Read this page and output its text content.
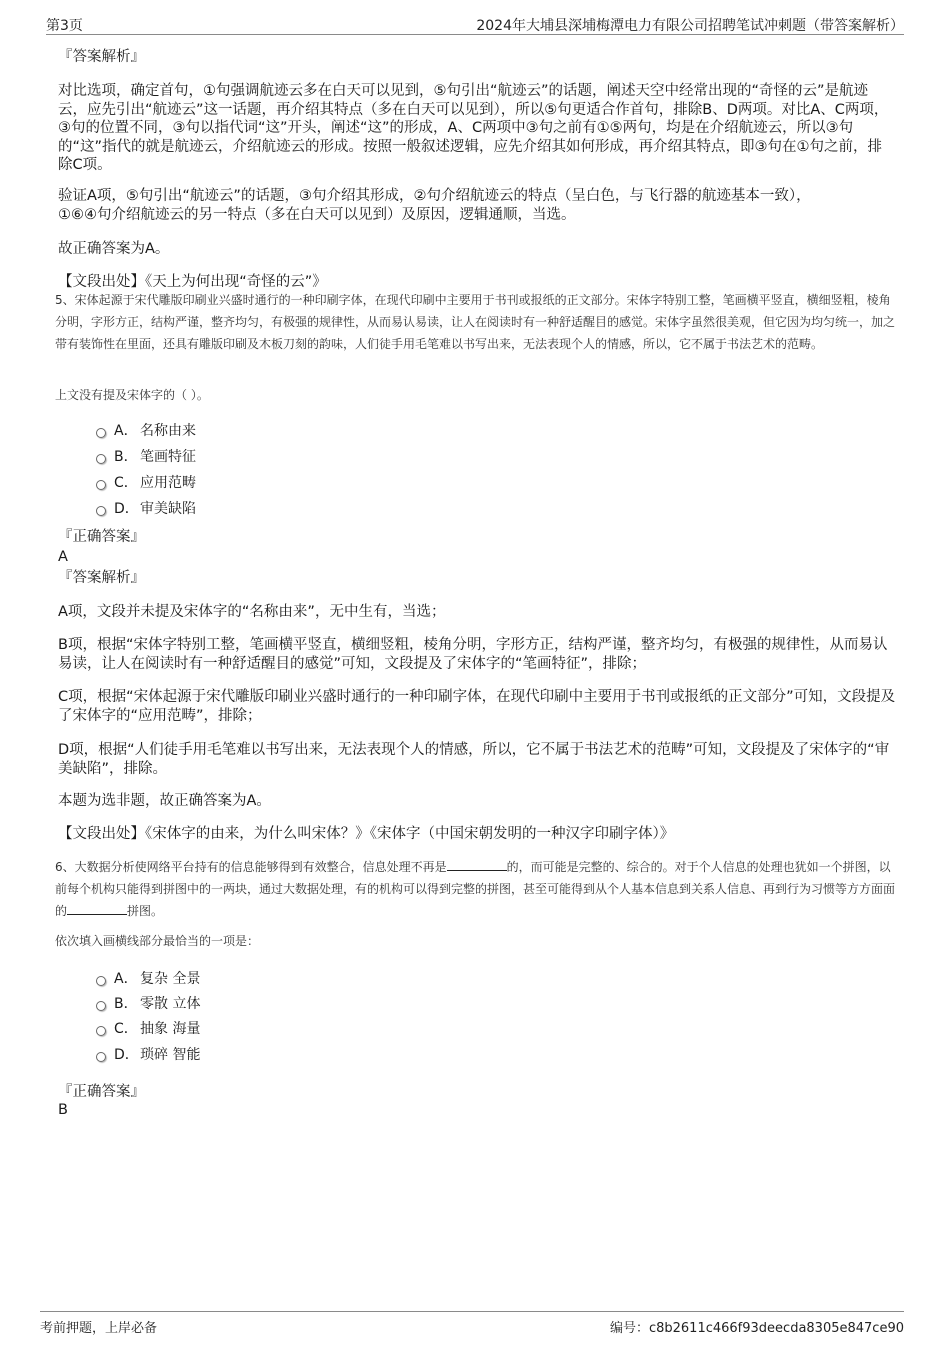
第3页	2024年大埔县深埔梅潭电力有限公司招聘笔试冲刺题（带答案解析）
『答案解析』
对比选项，确定首句，①句强调航迹云多在白天可以见到，⑤句引出“航迹云”的话题，阐述天空中经常出现的“奇怪的云”是航迹云，应先引出“航迹云”这一话题，再介绍其特点（多在白天可以见到），所以⑤句更适合作首句，排除B、D两项。对比A、C两项，③句的位置不同，③句以指代词“这”开头，阐述“这”的形成，A、C两项中③句之前有①⑤两句，均是在介绍航迹云，所以③句的“这”指代的就是航迹云，介绍航迹云的形成。按照一般叙述逻辑，应先介绍其如何形成，再介绍其特点，即③句在①句之前，排除C项。
验证A项，⑤句引出“航迹云”的话题，③句介绍其形成，②句介绍航迹云的特点（呈白色，与飞行器的航迹基本一致），①⑥④句介绍航迹云的另一特点（多在白天可以见到）及原因，逻辑通顺，当选。
故正确答案为A。
【文段出处】《天上为何出现“奇怪的云”》
5、宋体起源于宋代雕版印刷业兴盛时通行的一种印刷字体，在现代印刷中主要用于书刊或报纸的正文部分。宋体字特别工整，笔画横平竖直，横细竖粗，棱角分明，字形方正，结构严谨，整齐均匀，有极强的规律性，从而易认易读，让人在阅读时有一种舒适醒目的感觉。宋体字虽然很美观，但它因为均匀统一，加之带有装饰性在里面，还具有雕版印刷及木板刀刻的韵味，人们徒手用毛笔难以书写出来，无法表现个人的情感，所以，它不属于书法艺术的范畴。
上文没有提及宋体字的（ ）。
A． 名称由来
B． 笔画特征
C． 应用范畴
D． 审美缺陷
『正确答案』
A
『答案解析』
A项，文段并未提及宋体字的“名称由来”，无中生有，当选；
B项，根据“宋体字特别工整，笔画横平竖直，横细竖粗，棱角分明，字形方正，结构严谨，整齐均匀，有极强的规律性，从而易认易读，让人在阅读时有一种舒适醒目的感觉”可知，文段提及了宋体字的“笔画特征”，排除；
C项，根据“宋体起源于宋代雕版印刷业兴盛时通行的一种印刷字体，在现代印刷中主要用于书刊或报纸的正文部分”可知，文段提及了宋体字的“应用范畴”，排除；
D项，根据“人们徒手用毛笔难以书写出来，无法表现个人的情感，所以，它不属于书法艺术的范畴”可知，文段提及了宋体字的“审美缺陷”，排除。
本题为选非题，故正确答案为A。
【文段出处】《宋体字的由来，为什么叫宋体？》《宋体字（中国宋朝发明的一种汉字印刷字体）》
6、大数据分析使网络平台持有的信息能够得到有效整合，信息处理不再是	的，而可能是完整的、综合的。对于个人信息的处理也犹如一个拼图，以前每个机构只能得到拼图中的一两块，通过大数据处理，有的机构可以得到完整的拼图，甚至可能得到从个人基本信息到关系人信息、再到行为习惯等方方面面的	拼图。
依次填入画横线部分最恰当的一项是：
A． 复杂 全景
B． 零散 立体
C． 抽象 海量
D． 琐碎 智能
『正确答案』
B
考前押题，上岸必备	编号：c8b2611c466f93deecda8305e847ce90
